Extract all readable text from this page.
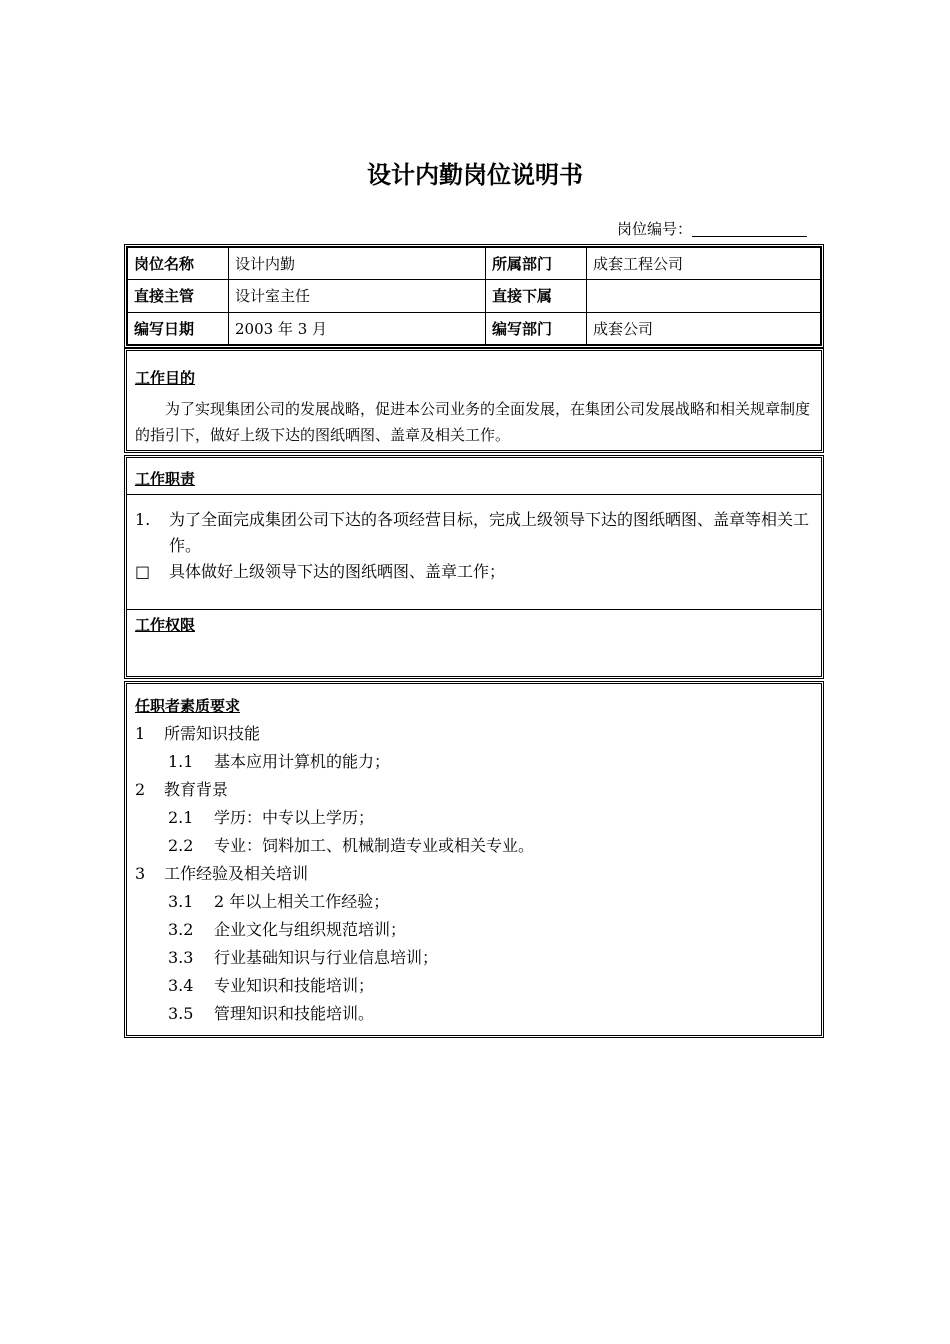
设计内勤岗位说明书
岗位编号：
岗位名称	设计内勤	所属部门	成套工程公司
直接主管	设计室主任	直接下属	
编写日期	2003 年 3 月	编写部门	成套公司
工作目的

为了实现集团公司的发展战略，促进本公司业务的全面发展，在集团公司发展战略和相关规章制度的指引下，做好上级下达的图纸晒图、盖章及相关工作。

工作职责
1.	为了全面完成集团公司下达的各项经营目标，完成上级领导下达的图纸晒图、盖章等相关工作。
□	具体做好上级领导下达的图纸晒图、盖章工作；
工作权限
任职者素质要求
1 所需知识技能
1.1 基本应用计算机的能力；
2 教育背景
2.1 学历：中专以上学历；
2.2 专业：饲料加工、机械制造专业或相关专业。
3 工作经验及相关培训
3.1 2 年以上相关工作经验；
3.2 企业文化与组织规范培训；
3.3 行业基础知识与行业信息培训；
3.4 专业知识和技能培训；
3.5 管理知识和技能培训。
